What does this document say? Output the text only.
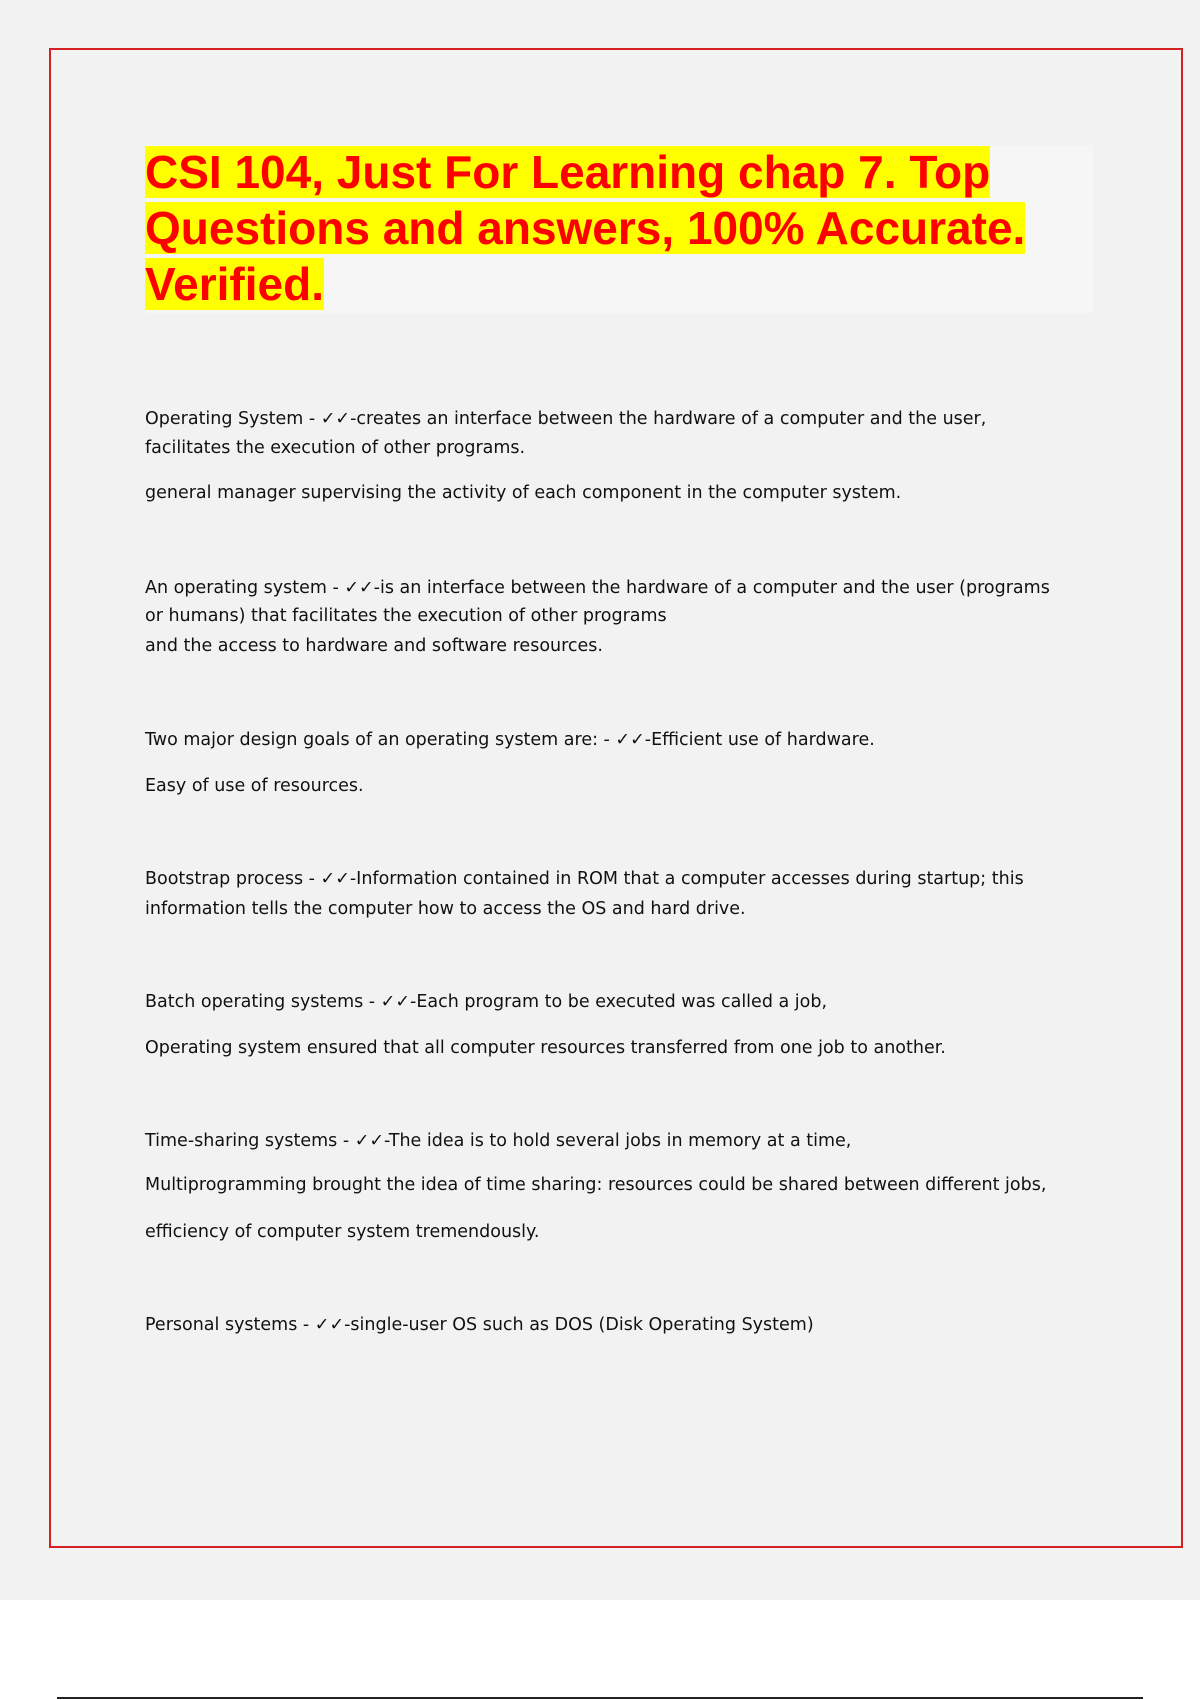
CSI 104, Just For Learning chap 7. Top Questions and answers, 100% Accurate. Verified.

Operating System - ✓✓-creates an interface between the hardware of a computer and the user,

facilitates the execution of other programs.

general manager supervising the activity of each component in the computer system.

An operating system - ✓✓-is an interface between the hardware of a computer and the user (programs

or humans) that facilitates the execution of other programs

and the access to hardware and software resources.

Two major design goals of an operating system are: - ✓✓-Efficient use of hardware.

Easy of use of resources.

Bootstrap process - ✓✓-Information contained in ROM that a computer accesses during startup; this

information tells the computer how to access the OS and hard drive.

Batch operating systems - ✓✓-Each program to be executed was called a job,

Operating system ensured that all computer resources transferred from one job to another.

Time-sharing systems - ✓✓-The idea is to hold several jobs in memory at a time,

Multiprogramming brought the idea of time sharing: resources could be shared between different jobs,

efficiency of computer system tremendously.

Personal systems - ✓✓-single-user OS such as DOS (Disk Operating System)
